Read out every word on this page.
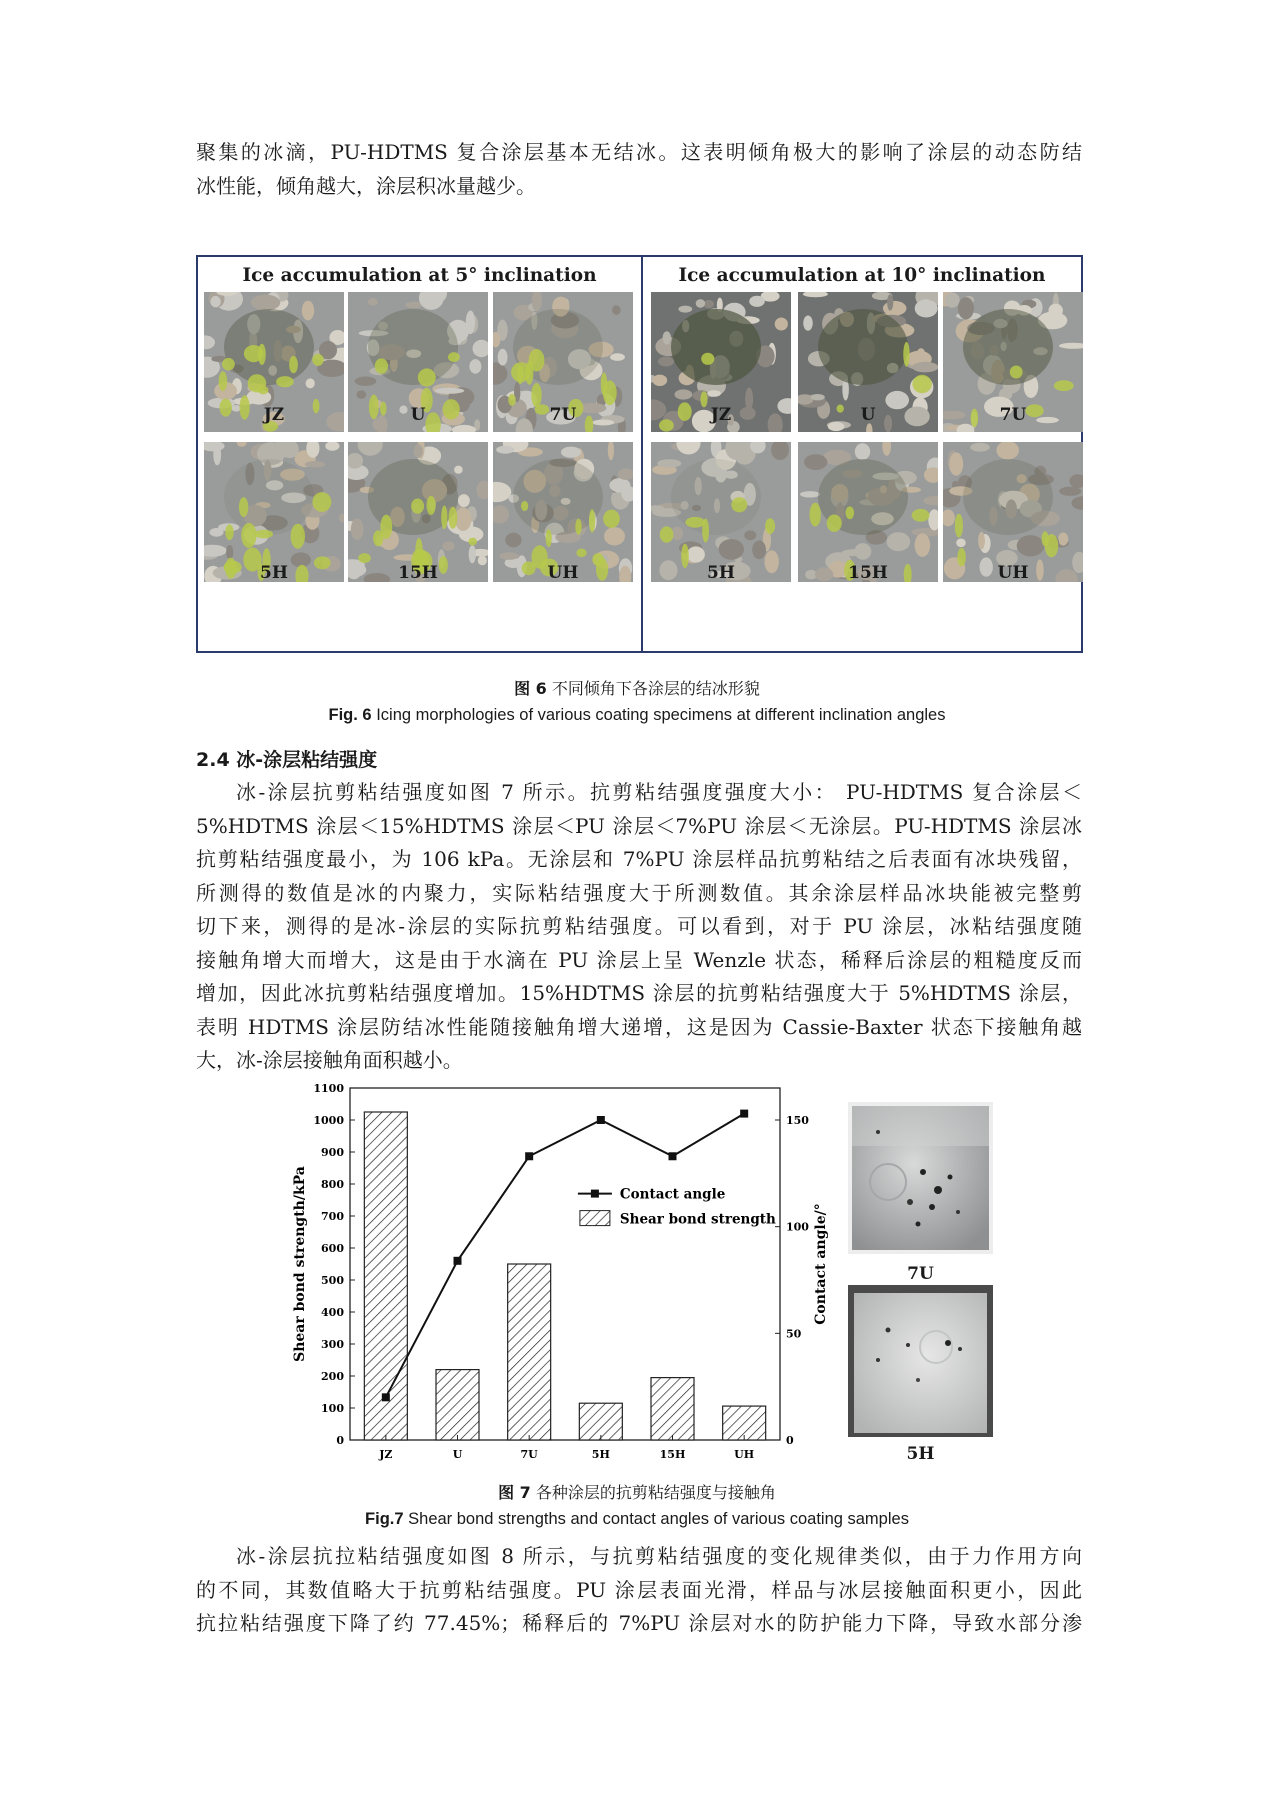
聚集的冰滴，PU-HDTMS 复合涂层基本无结冰。这表明倾角极大的影响了涂层的动态防结
冰性能，倾角越大，涂层积冰量越少。
Ice accumulation at 5° inclination	Ice accumulation at 10° inclination
JZ	JZ
U	U
7U	7U
5H	5H
15H	15H
UH	UH
图 6 不同倾角下各涂层的结冰形貌
Fig. 6 Icing morphologies of various coating specimens at different inclination angles
2.4 冰-涂层粘结强度
冰-涂层抗剪粘结强度如图 7 所示。抗剪粘结强度强度大小： PU-HDTMS 复合涂层＜
5%HDTMS 涂层＜15%HDTMS 涂层＜PU 涂层＜7%PU 涂层＜无涂层。PU-HDTMS 涂层冰
抗剪粘结强度最小，为 106 kPa。无涂层和 7%PU 涂层样品抗剪粘结之后表面有冰块残留，
所测得的数值是冰的内聚力，实际粘结强度大于所测数值。其余涂层样品冰块能被完整剪
切下来，测得的是冰-涂层的实际抗剪粘结强度。可以看到，对于 PU 涂层，冰粘结强度随
接触角增大而增大，这是由于水滴在 PU 涂层上呈 Wenzle 状态，稀释后涂层的粗糙度反而
增加，因此冰抗剪粘结强度增加。15%HDTMS 涂层的抗剪粘结强度大于 5%HDTMS 涂层，
表明 HDTMS 涂层防结冰性能随接触角增大递增，这是因为 Cassie-Baxter 状态下接触角越
大，冰-涂层接触角面积越小。
0
100
200
300
400
500
600
700
800
900
1000
1100
0
50
100
150
JZ	U	7U	5H	15H	UH
Shear bond strength/kPa	Contact angle/°
Contact angle
Shear bond strength
7U
5H
图 7 各种涂层的抗剪粘结强度与接触角
Fig.7 Shear bond strengths and contact angles of various coating samples
冰-涂层抗拉粘结强度如图 8 所示，与抗剪粘结强度的变化规律类似，由于力作用方向
的不同，其数值略大于抗剪粘结强度。PU 涂层表面光滑，样品与冰层接触面积更小，因此
抗拉粘结强度下降了约 77.45%；稀释后的 7%PU 涂层对水的防护能力下降，导致水部分渗
